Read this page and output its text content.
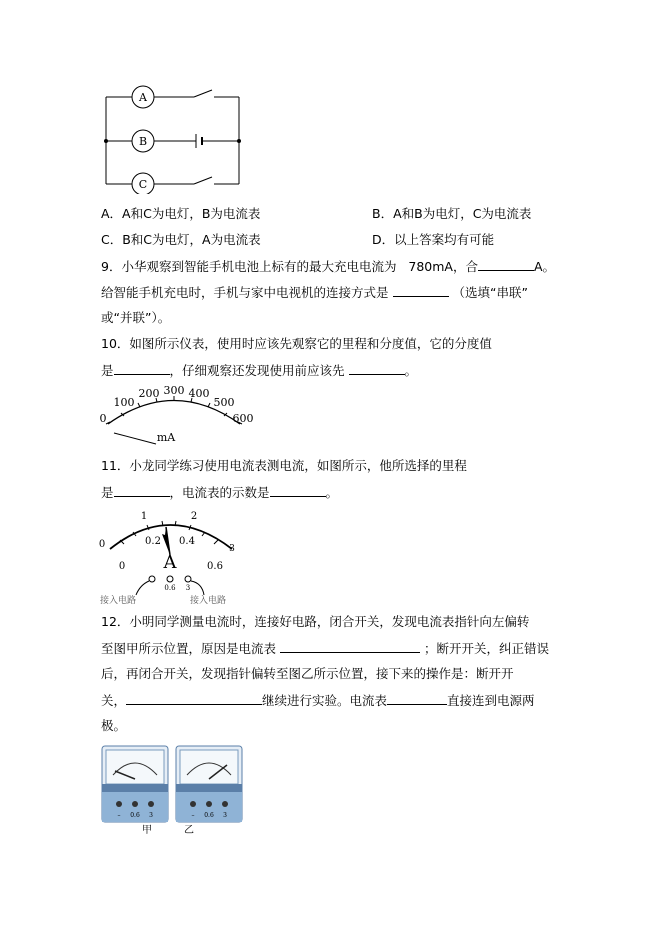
A
B
C
A．A和C为电灯，B为电流表	B．A和B为电灯，C为电流表
C．B和C为电灯，A为电流表	D．以上答案均有可能
9．小华观察到智能手机电池上标有的最大充电电流为 780mA，合	A。
给智能手机充电时，手机与家中电视机的连接方式是	（选填“串联”
或“并联”）。
10．如图所示仪表，使用时应该先观察它的里程和分度值，它的分度值
是	，仔细观察还发现使用前应该先	。
0
100
200 300 400
500
600
mA
11．小龙同学练习使用电流表测电流，如图所示，他所选择的里程
是	，电流表的示数是	。
0
1	2
3
0
0.2 0.4
0.6
A
0.6 3
接入电路	接入电路
12．小明同学测量电流时，连接好电路，闭合开关，发现电流表指针向左偏转
至图甲所示位置，原因是电流表	；断开开关，纠正错误
后，再闭合开关，发现指针偏转至图乙所示位置，接下来的操作是：断开开
关，	继续进行实验。电流表	直接连到电源两
极。
– 0.6 3
甲
– 0.6 3
乙
